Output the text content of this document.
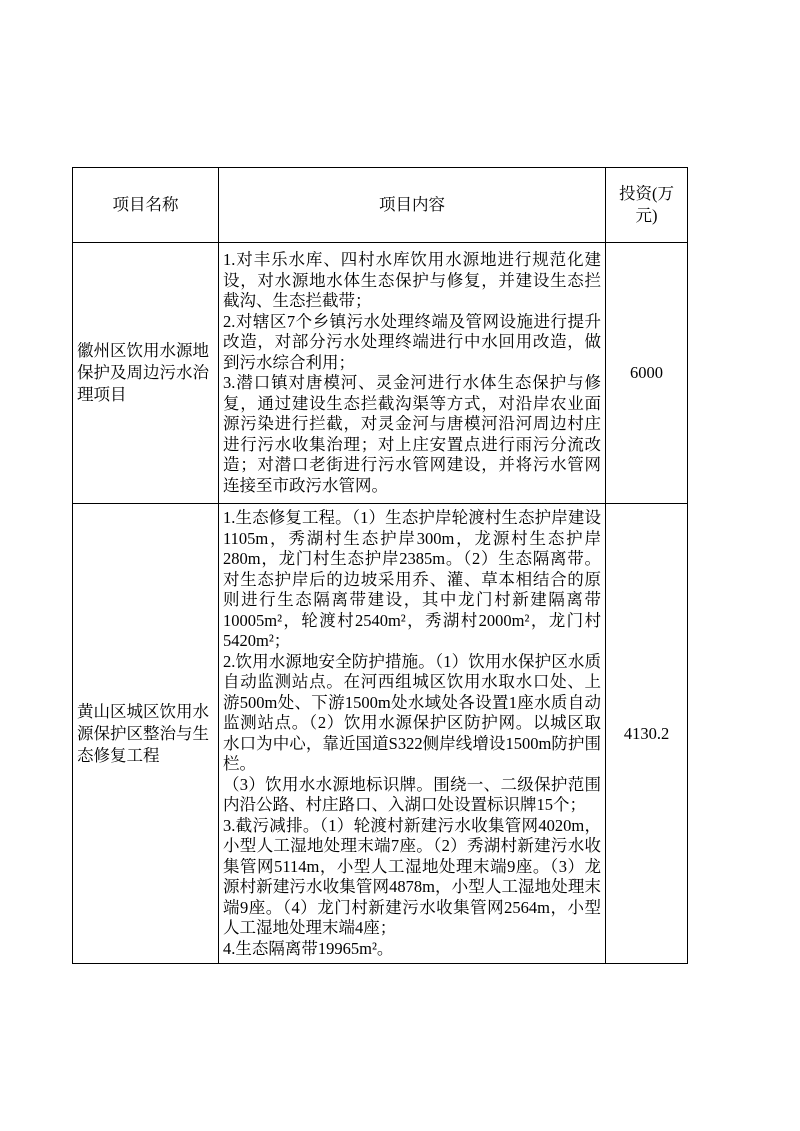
项目名称	项目内容	投资(万元)
徽州区饮用水源地保护及周边污水治理项目	1.对丰乐水库、四村水库饮用水源地进行规范化建设，对水源地水体生态保护与修复，并建设生态拦截沟、生态拦截带；
2.对辖区7个乡镇污水处理终端及管网设施进行提升改造，对部分污水处理终端进行中水回用改造，做到污水综合利用；
3.潜口镇对唐模河、灵金河进行水体生态保护与修复，通过建设生态拦截沟渠等方式，对沿岸农业面源污染进行拦截，对灵金河与唐模河沿河周边村庄进行污水收集治理；对上庄安置点进行雨污分流改造；对潜口老街进行污水管网建设，并将污水管网连接至市政污水管网。	6000
黄山区城区饮用水源保护区整治与生态修复工程	1.生态修复工程。（1）生态护岸轮渡村生态护岸建设1105m，秀湖村生态护岸300m，龙源村生态护岸280m，龙门村生态护岸2385m。（2）生态隔离带。对生态护岸后的边坡采用乔、灌、草本相结合的原则进行生态隔离带建设，其中龙门村新建隔离带10005m²，轮渡村2540m²，秀湖村2000m²，龙门村5420m²；
2.饮用水源地安全防护措施。（1）饮用水保护区水质自动监测站点。在河西组城区饮用水取水口处、上游500m处、下游1500m处水域处各设置1座水质自动监测站点。（2）饮用水源保护区防护网。以城区取水口为中心，靠近国道S322侧岸线增设1500m防护围栏。
（3）饮用水水源地标识牌。围绕一、二级保护范围内沿公路、村庄路口、入湖口处设置标识牌15个；
3.截污减排。（1）轮渡村新建污水收集管网4020m，小型人工湿地处理末端7座。（2）秀湖村新建污水收集管网5114m，小型人工湿地处理末端9座。（3）龙源村新建污水收集管网4878m，小型人工湿地处理末端9座。（4）龙门村新建污水收集管网2564m，小型人工湿地处理末端4座；
4.生态隔离带19965m²。	4130.2
